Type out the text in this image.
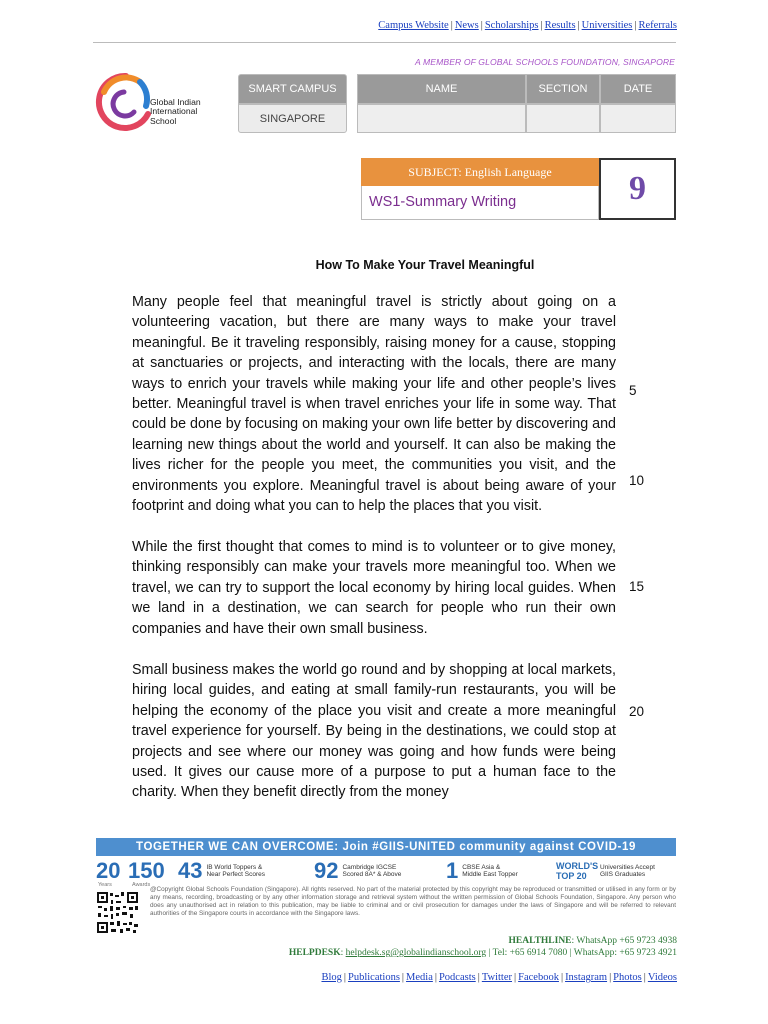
Campus Website | News | Scholarships | Results | Universities | Referrals
A MEMBER OF GLOBAL SCHOOLS FOUNDATION, SINGAPORE
Global Indian
International
School
SMART CAMPUS
SINGAPORE
NAME	SECTION	DATE
SUBJECT: English Language
WS1-Summary Writing	9
How To Make Your Travel Meaningful
Many people feel that meaningful travel is strictly about going on a volunteering vacation, but there are many ways to make your travel meaningful. Be it traveling responsibly, raising money for a cause, stopping at sanctuaries or projects, and interacting with the locals, there are many ways to enrich your travels while making your life and other people’s lives better. Meaningful travel is when travel enriches your life in some way. That could be done by focusing on making your own life better by discovering and learning new things about the world and yourself. It can also be making the lives richer for the people you meet, the communities you visit, and the environments you explore. Meaningful travel is about being aware of your footprint and doing what you can to help the places that you visit.
While the first thought that comes to mind is to volunteer or to give money, thinking responsibly can make your travels more meaningful too. When we travel, we can try to support the local economy by hiring local guides. When we land in a destination, we can search for people who run their own companies and have their own small business.
Small business makes the world go round and by shopping at local markets, hiring local guides, and eating at small family-run restaurants, you will be helping the economy of the place you visit and create a more meaningful travel experience for yourself. By being in the destinations, we could stop at projects and see where our money was going and how funds were being used. It gives our cause more of a purpose to put a human face to the charity. When they benefit directly from the money
5
10
15
20
TOGETHER WE CAN OVERCOME: Join #GIIS-UNITED community against COVID-19
20
Years
150
Awards
43 IB World Toppers &
Near Perfect Scores 92 Cambridge IGCSE
Scored 8A* & Above 1 CBSE Asia &
Middle East Topper
WORLD'S TOP 20
Universities Accept
GIIS Graduates
@Copyright Global Schools Foundation (Singapore). All rights reserved. No part of the material protected by this copyright may be reproduced or transmitted or utilised in any form or by any means, recording, broadcasting or by any other information storage and retrieval system without the written permission of Global Schools Foundation, Singapore. Any person who does any unauthorised act in relation to this publication, may be liable to criminal and or civil prosecution for damages under the laws of Singapore and will be referred to relevant authorities of the Singapore courts in accordance with the Singapore laws.
HEALTHLINE: WhatsApp +65 9723 4938
HELPDESK: helpdesk.sg@globalindianschool.org | Tel: +65 6914 7080 | WhatsApp: +65 9723 4921
Blog | Publications | Media | Podcasts | Twitter | Facebook | Instagram | Photos | Videos
